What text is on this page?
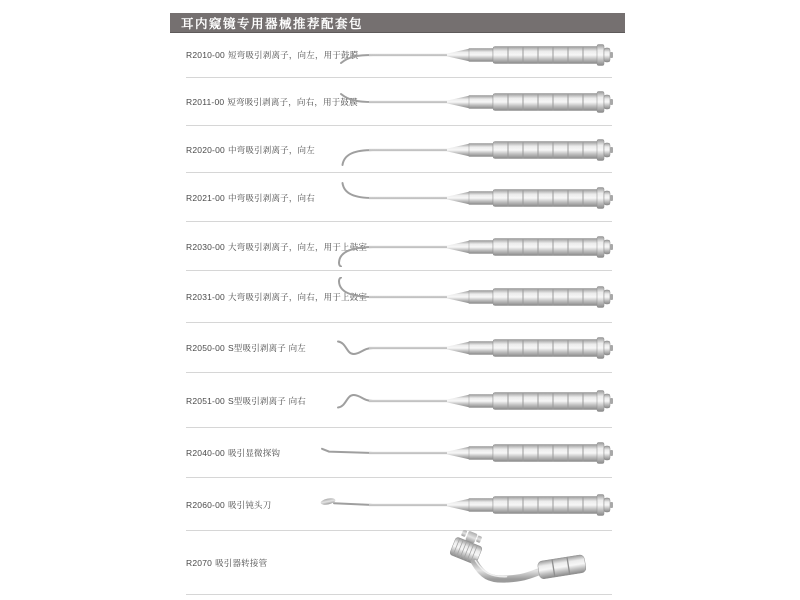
耳内窥镜专用器械推荐配套包
R2010-00 短弯吸引剥离子，向左，用于鼓膜
R2011-00 短弯吸引剥离子，向右，用于鼓膜
R2020-00 中弯吸引剥离子，向左
R2021-00 中弯吸引剥离子，向右
R2030-00 大弯吸引剥离子，向左，用于上鼓室
R2031-00 大弯吸引剥离子，向右，用于上鼓室
R2050-00 S型吸引剥离子 向左
R2051-00 S型吸引剥离子 向右
R2040-00 吸引显微探钩
R2060-00 吸引钝头刀
R2070 吸引器转接管
